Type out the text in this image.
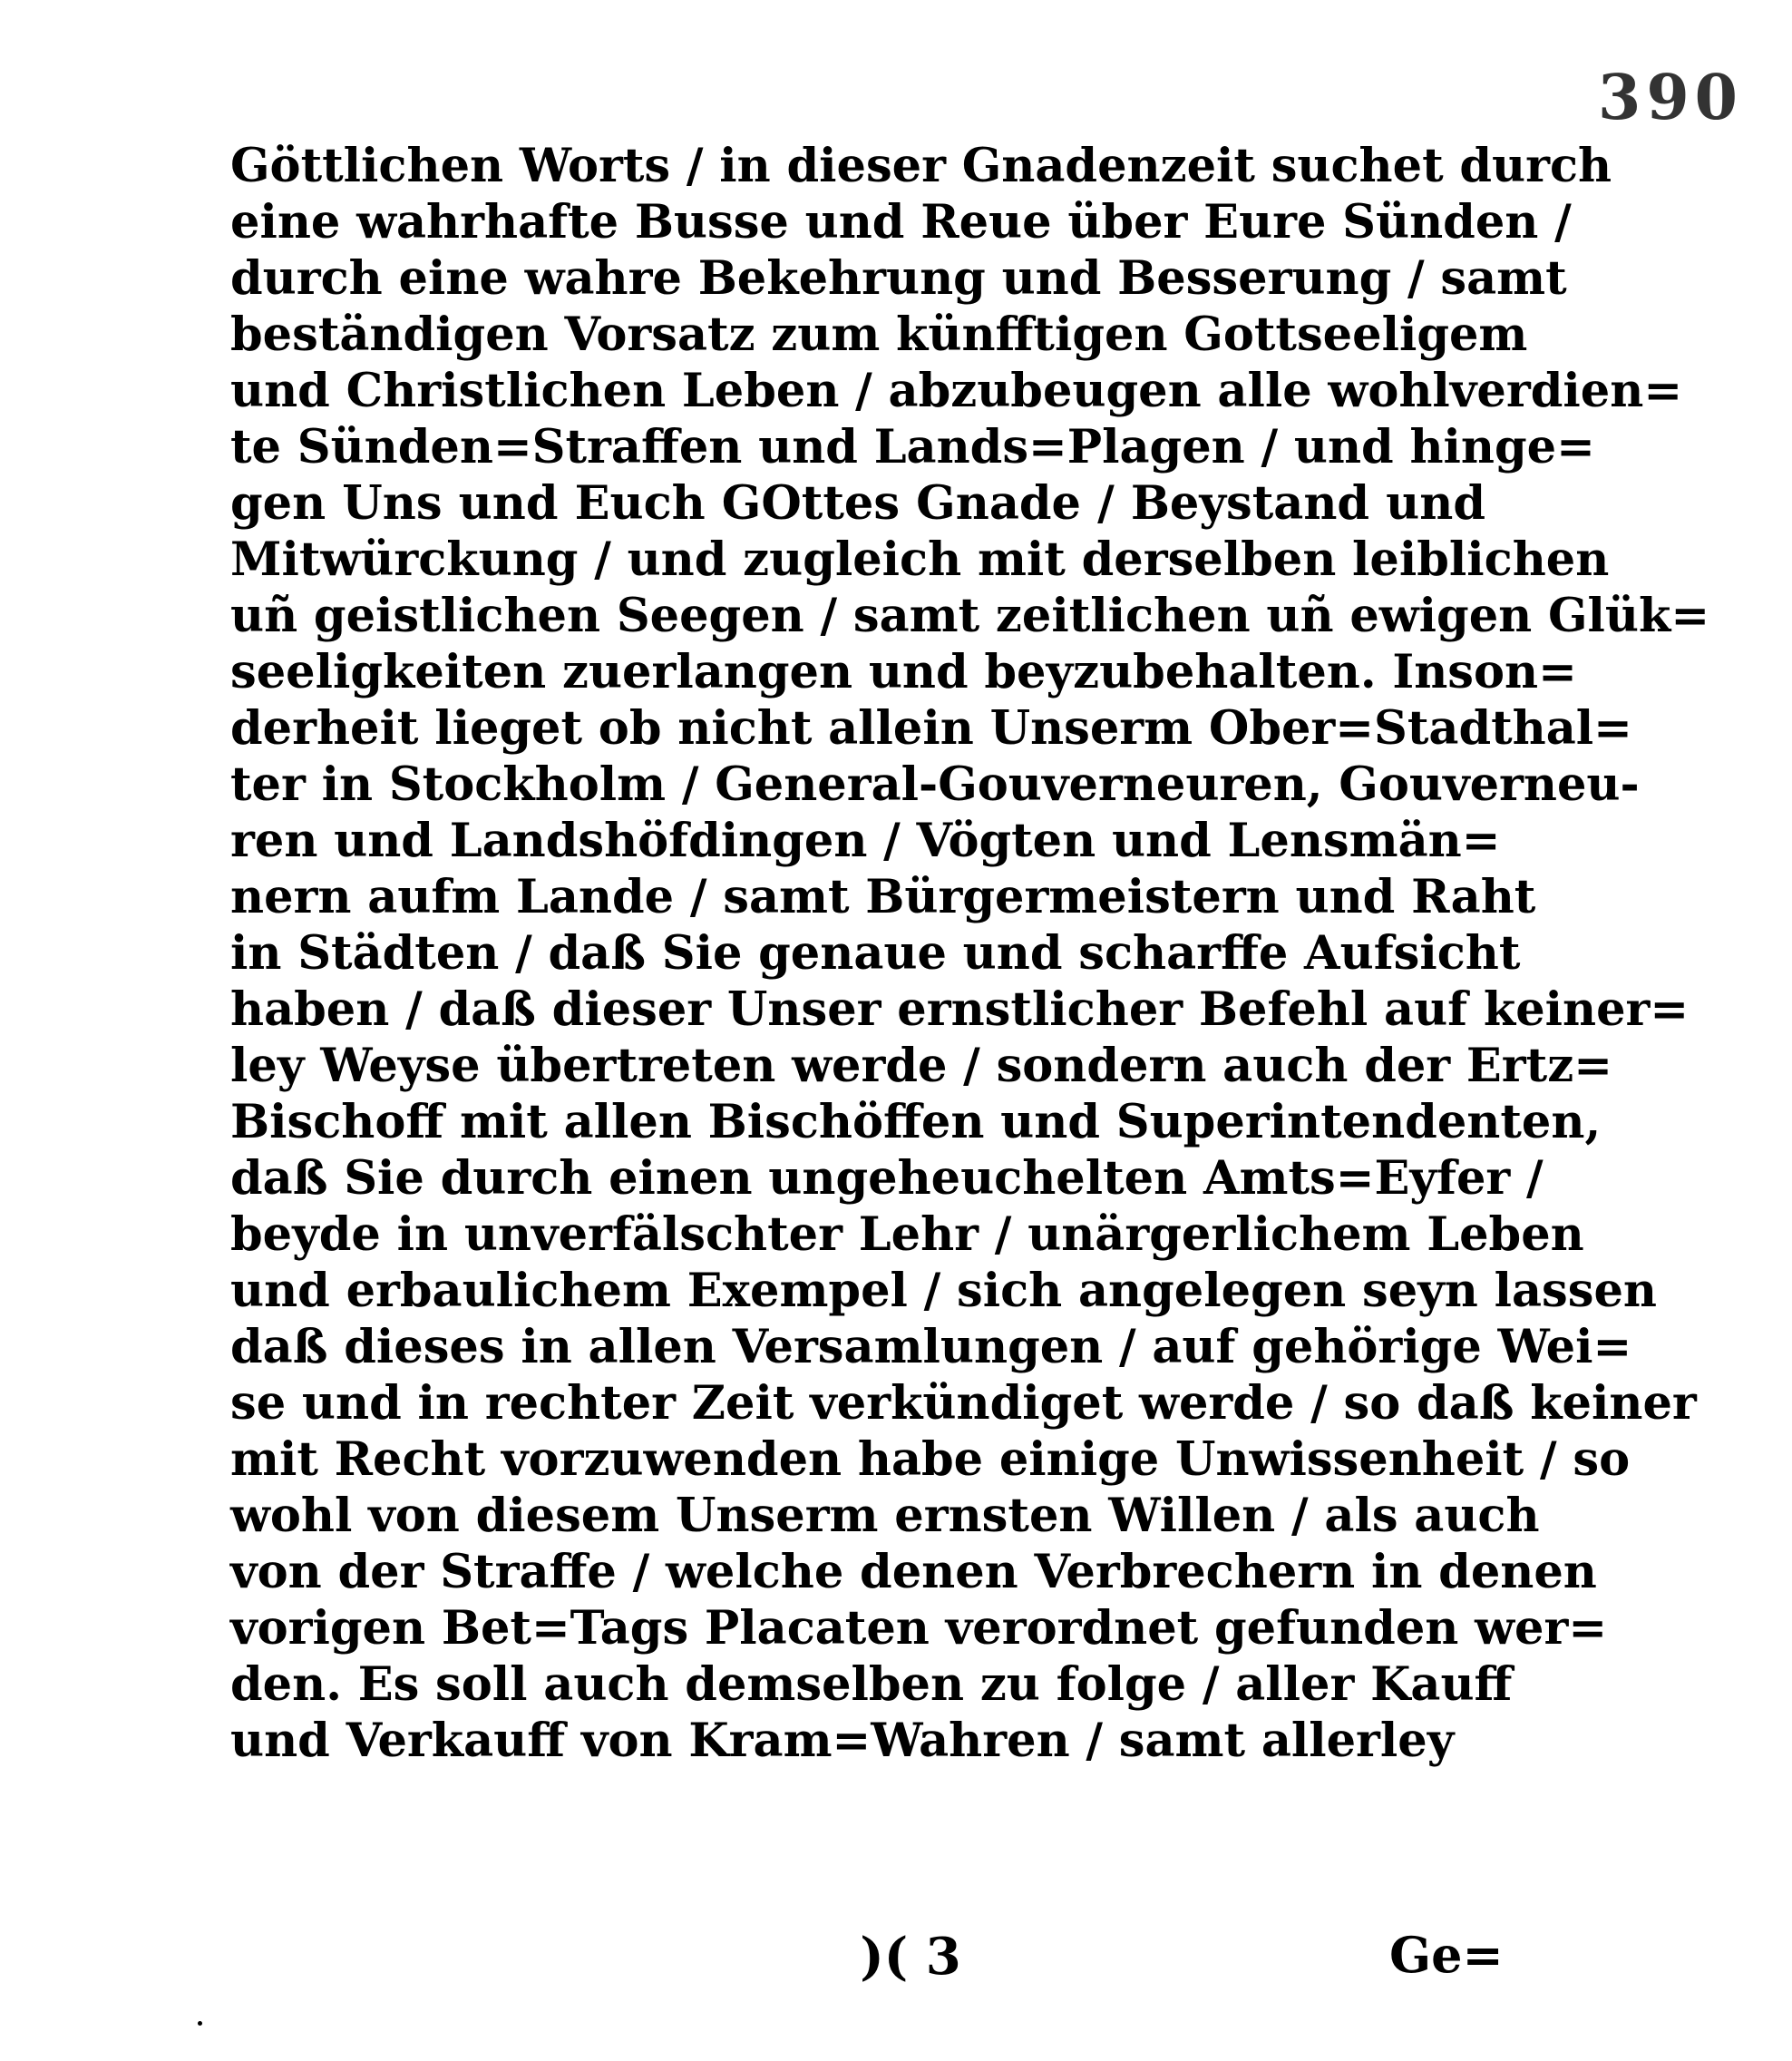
390
Göttlichen Worts / in dieser Gnadenzeit suchet durch
eine wahrhafte Busse und Reue über Eure Sünden /
durch eine wahre Bekehrung und Besserung / samt
beständigen Vorsatz zum künfftigen Gottseeligem
und Christlichen Leben / abzubeugen alle wohlverdien=
te Sünden=Straffen und Lands=Plagen / und hinge=
gen Uns und Euch GOttes Gnade / Beystand und
Mitwürckung / und zugleich mit derselben leiblichen
uñ geistlichen Seegen / samt zeitlichen uñ ewigen Glük=
seeligkeiten zuerlangen und beyzubehalten. Inson=
derheit lieget ob nicht allein Unserm Ober=Stadthal=
ter in Stockholm / General-Gouverneuren, Gouverneu-
ren und Landshöfdingen / Vögten und Lensmän=
nern aufm Lande / samt Bürgermeistern und Raht
in Städten / daß Sie genaue und scharffe Aufsicht
haben / daß dieser Unser ernstlicher Befehl auf keiner=
ley Weyse übertreten werde / sondern auch der Ertz=
Bischoff mit allen Bischöffen und Superintendenten,
daß Sie durch einen ungeheuchelten Amts=Eyfer /
beyde in unverfälschter Lehr / unärgerlichem Leben
und erbaulichem Exempel / sich angelegen seyn lassen
daß dieses in allen Versamlungen / auf gehörige Wei=
se und in rechter Zeit verkündiget werde / so daß keiner
mit Recht vorzuwenden habe einige Unwissenheit / so
wohl von diesem Unserm ernsten Willen / als auch
von der Straffe / welche denen Verbrechern in denen
vorigen Bet=Tags Placaten verordnet gefunden wer=
den. Es soll auch demselben zu folge / aller Kauff
und Verkauff von Kram=Wahren / samt allerley
)( 3	Ge=
